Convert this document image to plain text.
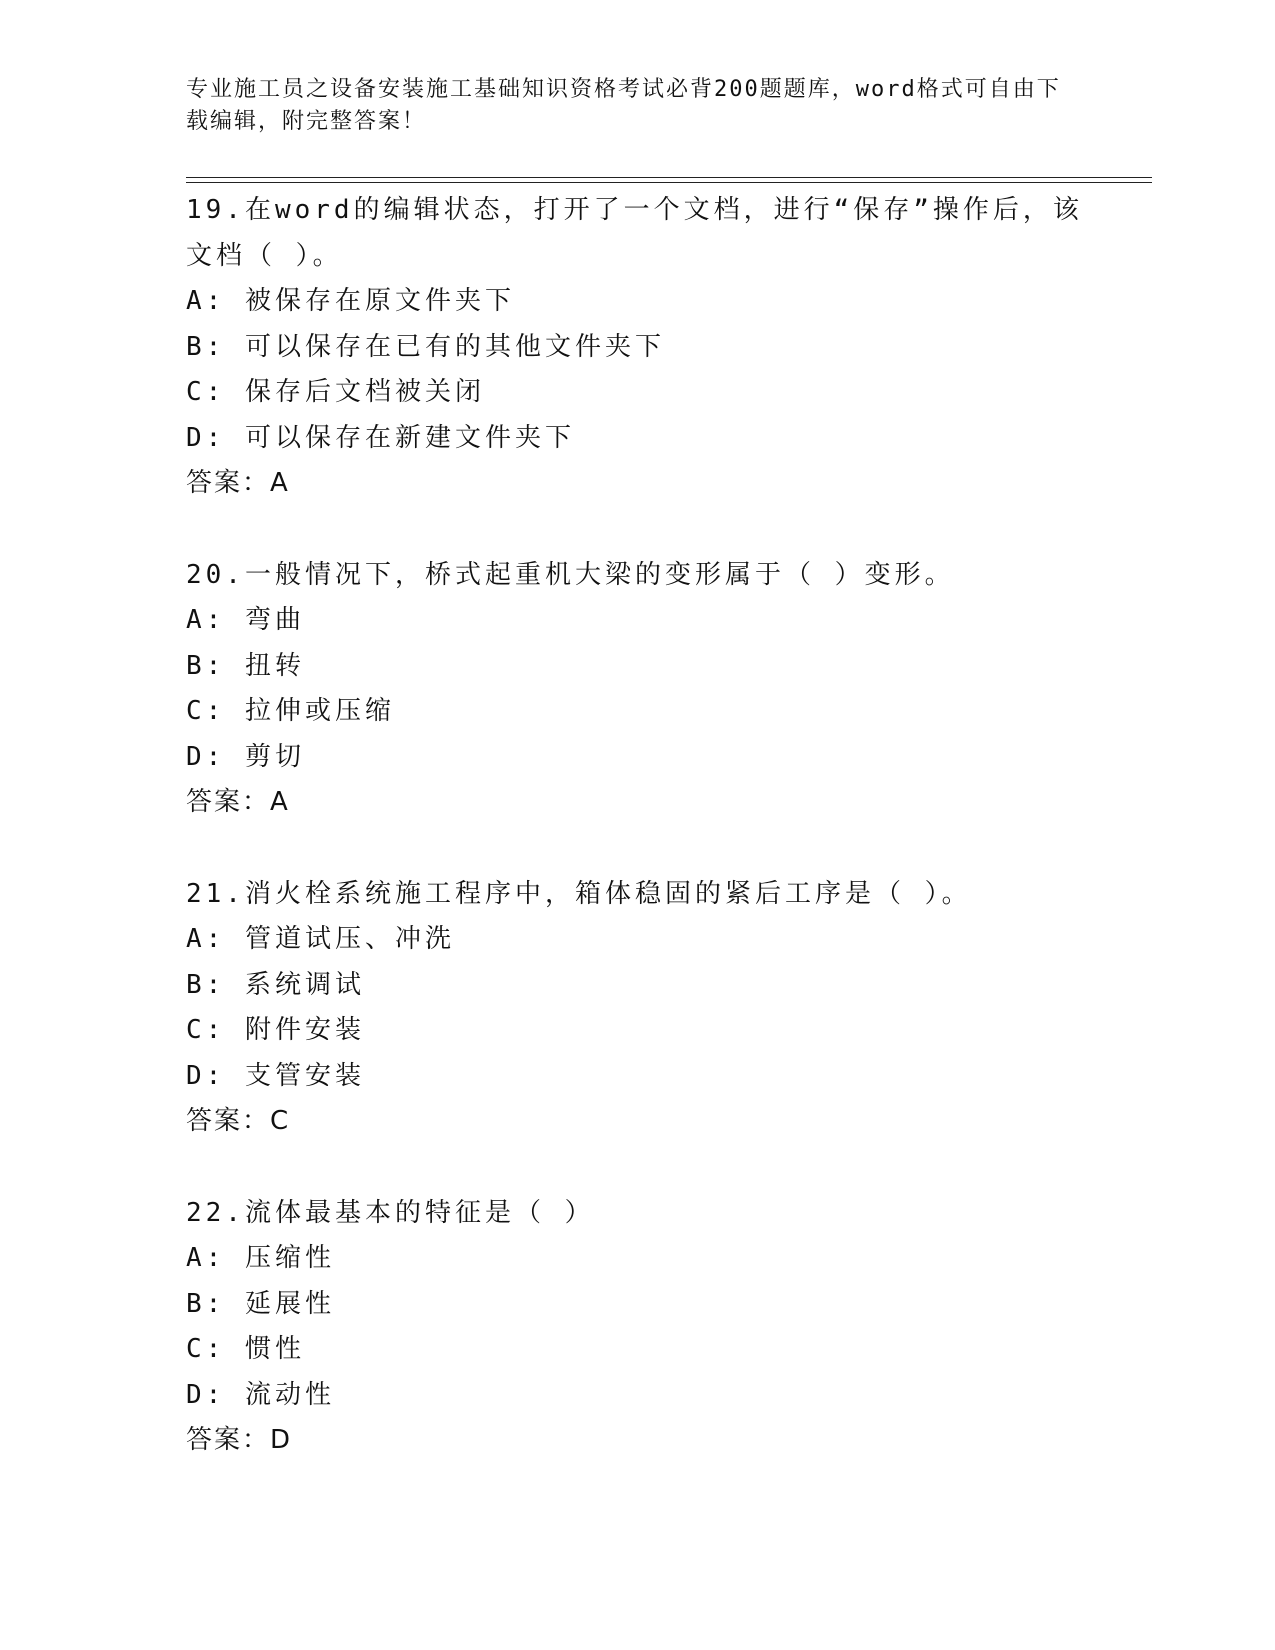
专业施工员之设备安装施工基础知识资格考试必背200题题库，word格式可自由下载编辑，附完整答案！
19.在word的编辑状态，打开了一个文档，进行“保存”操作后，该
文档（ ）。
A: 被保存在原文件夹下
B: 可以保存在已有的其他文件夹下
C: 保存后文档被关闭
D: 可以保存在新建文件夹下
答案：A
20.一般情况下，桥式起重机大梁的变形属于（ ）变形。
A: 弯曲
B: 扭转
C: 拉伸或压缩
D: 剪切
答案：A
21.消火栓系统施工程序中，箱体稳固的紧后工序是（ ）。
A: 管道试压、冲洗
B: 系统调试
C: 附件安装
D: 支管安装
答案：C
22.流体最基本的特征是（ ）
A: 压缩性
B: 延展性
C: 惯性
D: 流动性
答案：D
